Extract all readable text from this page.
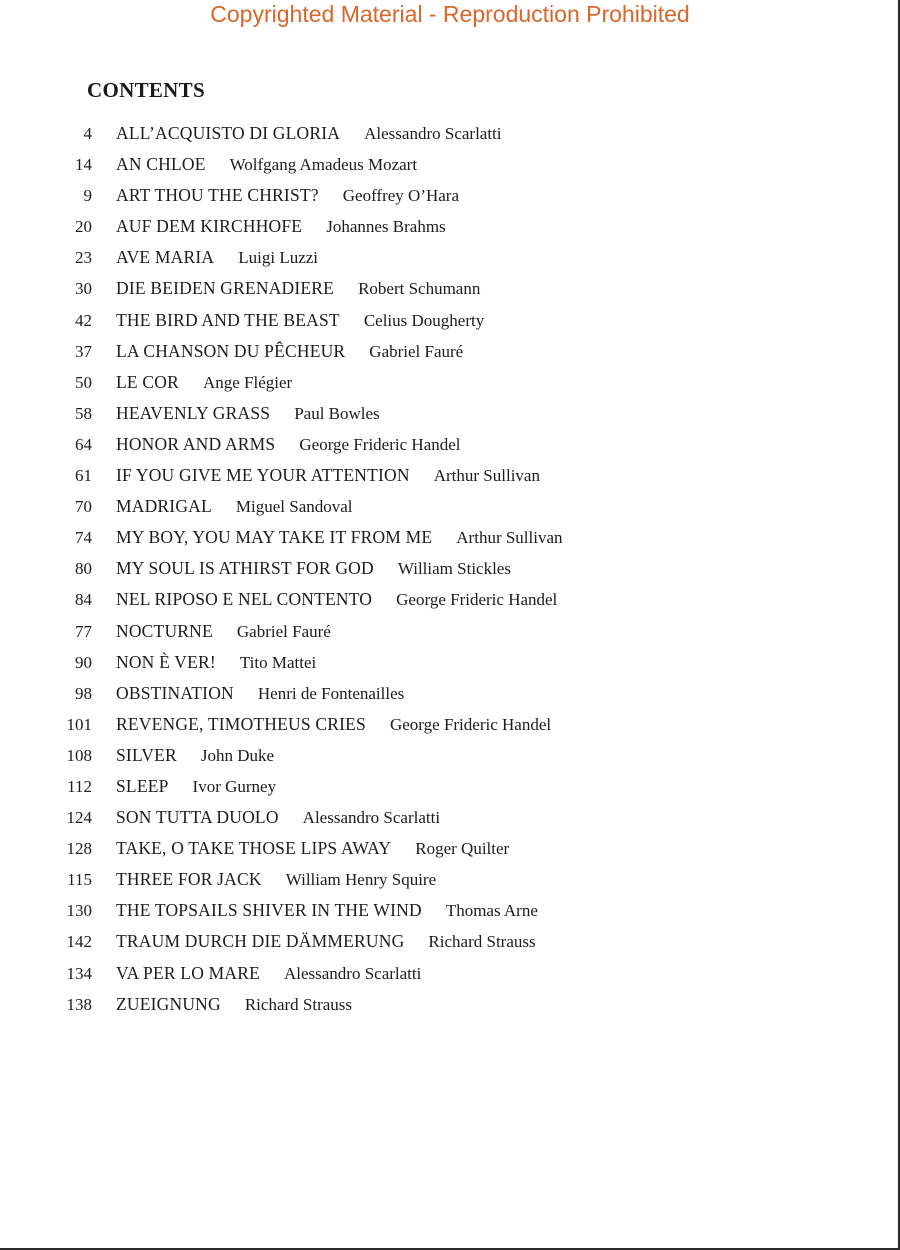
Copyrighted Material - Reproduction Prohibited
CONTENTS
4	ALL’ACQUISTO DI GLORIA	Alessandro Scarlatti
14	AN CHLOE	Wolfgang Amadeus Mozart
9	ART THOU THE CHRIST?	Geoffrey O’Hara
20	AUF DEM KIRCHHOFE	Johannes Brahms
23	AVE MARIA	Luigi Luzzi
30	DIE BEIDEN GRENADIERE	Robert Schumann
42	THE BIRD AND THE BEAST	Celius Dougherty
37	LA CHANSON DU PÊCHEUR	Gabriel Fauré
50	LE COR	Ange Flégier
58	HEAVENLY GRASS	Paul Bowles
64	HONOR AND ARMS	George Frideric Handel
61	IF YOU GIVE ME YOUR ATTENTION	Arthur Sullivan
70	MADRIGAL	Miguel Sandoval
74	MY BOY, YOU MAY TAKE IT FROM ME	Arthur Sullivan
80	MY SOUL IS ATHIRST FOR GOD	William Stickles
84	NEL RIPOSO E NEL CONTENTO	George Frideric Handel
77	NOCTURNE	Gabriel Fauré
90	NON È VER!	Tito Mattei
98	OBSTINATION	Henri de Fontenailles
101	REVENGE, TIMOTHEUS CRIES	George Frideric Handel
108	SILVER	John Duke
112	SLEEP	Ivor Gurney
124	SON TUTTA DUOLO	Alessandro Scarlatti
128	TAKE, O TAKE THOSE LIPS AWAY	Roger Quilter
115	THREE FOR JACK	William Henry Squire
130	THE TOPSAILS SHIVER IN THE WIND	Thomas Arne
142	TRAUM DURCH DIE DÄMMERUNG	Richard Strauss
134	VA PER LO MARE	Alessandro Scarlatti
138	ZUEIGNUNG	Richard Strauss
